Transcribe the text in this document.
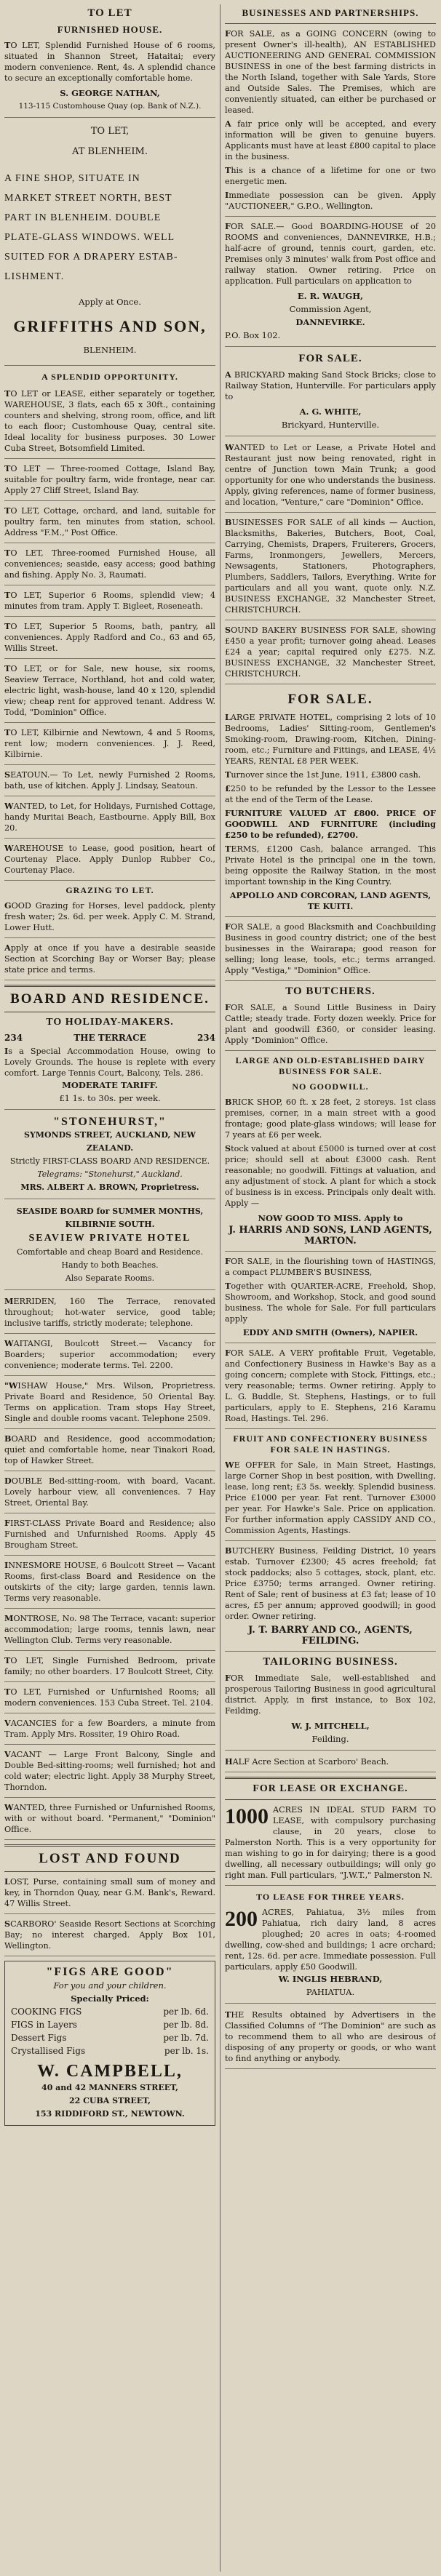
TO LET
FURNISHED HOUSE.

TO LET, Splendid Furnished House of 6 rooms, situated in Shannon Street, Hataitai; every modern convenience. Rent, 4s. A splendid chance to secure an exceptionally comfortable home.

S. GEORGE NATHAN,

113-115 Customhouse Quay (op. Bank of N.Z.).

TO LET,

AT BLENHEIM.

A FINE SHOP, SITUATE IN
MARKET STREET NORTH, BEST
PART IN BLENHEIM. DOUBLE
PLATE-GLASS WINDOWS. WELL
SUITED FOR A DRAPERY ESTAB-
LISHMENT.

Apply at Once.

GRIFFITHS AND SON,

BLENHEIM.

A SPLENDID OPPORTUNITY.

TO LET or LEASE, either separately or together, WAREHOUSE, 3 flats, each 65 x 30ft., containing counters and shelving, strong room, office, and lift to each floor; Customhouse Quay, central site. Ideal locality for business purposes. 30 Lower Cuba Street, Botsomfield Limited.

TO LET — Three-roomed Cottage, Island Bay, suitable for poultry farm, wide frontage, near car. Apply 27 Cliff Street, Island Bay.

TO LET, Cottage, orchard, and land, suitable for poultry farm, ten minutes from station, school. Address "F.M.," Post Office.

TO LET, Three-roomed Furnished House, all conveniences; seaside, easy access; good bathing and fishing. Apply No. 3, Raumati.

TO LET, Superior 6 Rooms, splendid view; 4 minutes from tram. Apply T. Bigleet, Roseneath.

TO LET, Superior 5 Rooms, bath, pantry, all conveniences. Apply Radford and Co., 63 and 65, Willis Street.

TO LET, or for Sale, new house, six rooms, Seaview Terrace, Northland, hot and cold water, electric light, wash-house, land 40 x 120, splendid view; cheap rent for approved tenant. Address W. Todd, "Dominion" Office.

TO LET, Kilbirnie and Newtown, 4 and 5 Rooms, rent low; modern conveniences. J. J. Reed, Kilbirnie.

SEATOUN.— To Let, newly Furnished 2 Rooms, bath, use of kitchen. Apply J. Lindsay, Seatoun.

WANTED, to Let, for Holidays, Furnished Cottage, handy Muritai Beach, Eastbourne. Apply Bill, Box 20.

WAREHOUSE to Lease, good position, heart of Courtenay Place. Apply Dunlop Rubber Co., Courtenay Place.

GRAZING TO LET.

GOOD Grazing for Horses, level paddock, plenty fresh water; 2s. 6d. per week. Apply C. M. Strand, Lower Hutt.

Apply at once if you have a desirable seaside Section at Scorching Bay or Worser Bay; please state price and terms.

BOARD AND RESIDENCE.
TO HOLIDAY-MAKERS.
234	THE TERRACE	234

Is a Special Accommodation House, owing to Lovely Grounds. The house is replete with every comfort. Large Tennis Court, Balcony, Tels. 286.

MODERATE TARIFF.

£1 1s. to 30s. per week.

"STONEHURST,"

SYMONDS STREET, AUCKLAND, NEW ZEALAND.

Strictly FIRST-CLASS BOARD AND RESIDENCE.

Telegrams: "Stonehurst," Auckland.

MRS. ALBERT A. BROWN, Proprietress.

SEASIDE BOARD for SUMMER MONTHS, KILBIRNIE SOUTH.

SEAVIEW PRIVATE HOTEL

Comfortable and cheap Board and Residence.

Handy to both Beaches.

Also Separate Rooms.

MERRIDEN, 160 The Terrace, renovated throughout; hot-water service, good table; inclusive tariffs, strictly moderate; telephone.

WAITANGI, Boulcott Street.— Vacancy for Boarders; superior accommodation; every convenience; moderate terms. Tel. 2200.

"WISHAW House," Mrs. Wilson, Proprietress. Private Board and Residence, 50 Oriental Bay. Terms on application. Tram stops Hay Street, Single and double rooms vacant. Telephone 2509.

BOARD and Residence, good accommodation; quiet and comfortable home, near Tinakori Road, top of Hawker Street.

DOUBLE Bed-sitting-room, with board, Vacant. Lovely harbour view, all conveniences. 7 Hay Street, Oriental Bay.

FIRST-CLASS Private Board and Residence; also Furnished and Unfurnished Rooms. Apply 45 Brougham Street.

INNESMORE HOUSE, 6 Boulcott Street — Vacant Rooms, first-class Board and Residence on the outskirts of the city; large garden, tennis lawn. Terms very reasonable.

MONTROSE, No. 98 The Terrace, vacant: superior accommodation; large rooms, tennis lawn, near Wellington Club. Terms very reasonable.

TO LET, Single Furnished Bedroom, private family; no other boarders. 17 Boulcott Street, City.

TO LET, Furnished or Unfurnished Rooms; all modern conveniences. 153 Cuba Street. Tel. 2104.

VACANCIES for a few Boarders, a minute from Tram. Apply Mrs. Rossiter, 19 Ohiro Road.

VACANT — Large Front Balcony, Single and Double Bed-sitting-rooms; well furnished; hot and cold water; electric light. Apply 38 Murphy Street, Thorndon.

WANTED, three Furnished or Unfurnished Rooms, with or without board. "Permanent," "Dominion" Office.

LOST AND FOUND

LOST, Purse, containing small sum of money and key, in Thorndon Quay, near G.M. Bank's, Reward. 47 Willis Street.

SCARBORO' Seaside Resort Sections at Scorching Bay; no interest charged. Apply Box 101, Wellington.

"FIGS ARE GOOD"

For you and your children.

Specially Priced:

COOKING FIGS	per lb. 6d.
FIGS in Layers	per lb. 8d.
Dessert Figs	per lb. 7d.
Crystallised Figs	per lb. 1s.
W. CAMPBELL,

40 and 42 MANNERS STREET,

22 CUBA STREET,

153 RIDDIFORD ST., NEWTOWN.

BUSINESSES AND PARTNERSHIPS.

FOR SALE, as a GOING CONCERN (owing to present Owner's ill-health), AN ESTABLISHED AUCTIONEERING AND GENERAL COMMISSION BUSINESS in one of the best farming districts in the North Island, together with Sale Yards, Store and Outside Sales. The Premises, which are conveniently situated, can either be purchased or leased.

A fair price only will be accepted, and every information will be given to genuine buyers. Applicants must have at least £800 capital to place in the business.

This is a chance of a lifetime for one or two energetic men.

Immediate possession can be given. Apply "AUCTIONEER," G.P.O., Wellington.

FOR SALE.— Good BOARDING-HOUSE of 20 ROOMS and conveniences, DANNEVIRKE, H.B.; half-acre of ground, tennis court, garden, etc. Premises only 3 minutes' walk from Post office and railway station. Owner retiring. Price on application. Full particulars on application to

E. R. WAUGH,

Commission Agent,

DANNEVIRKE.

P.O. Box 102.

FOR SALE.

A BRICKYARD making Sand Stock Bricks; close to Railway Station, Hunterville. For particulars apply to

A. G. WHITE,

Brickyard, Hunterville.

WANTED to Let or Lease, a Private Hotel and Restaurant just now being renovated, right in centre of Junction town Main Trunk; a good opportunity for one who understands the business. Apply, giving references, name of former business, and location, "Venture," care "Dominion" Office.

BUSINESSES FOR SALE of all kinds — Auction, Blacksmiths, Bakeries, Butchers, Boot, Coal, Carrying, Chemists, Drapers, Fruiterers, Grocers, Farms, Ironmongers, Jewellers, Mercers, Newsagents, Stationers, Photographers, Plumbers, Saddlers, Tailors, Everything. Write for particulars and all you want, quote only. N.Z. BUSINESS EXCHANGE, 32 Manchester Street, CHRISTCHURCH.

SOUND BAKERY BUSINESS FOR SALE, showing £450 a year profit; turnover going ahead. Leases £24 a year; capital required only £275. N.Z. BUSINESS EXCHANGE, 32 Manchester Street, CHRISTCHURCH.

FOR SALE.

LARGE PRIVATE HOTEL, comprising 2 lots of 10 Bedrooms, Ladies' Sitting-room, Gentlemen's Smoking-room, Drawing-room, Kitchen, Dining-room, etc.; Furniture and Fittings, and LEASE, 4½ YEARS, RENTAL £8 PER WEEK.

Turnover since the 1st June, 1911, £3800 cash.

£250 to be refunded by the Lessor to the Lessee at the end of the Term of the Lease.

FURNITURE VALUED AT £800. PRICE OF GOODWILL AND FURNITURE (including £250 to be refunded), £2700.

TERMS, £1200 Cash, balance arranged. This Private Hotel is the principal one in the town, being opposite the Railway Station, in the most important township in the King Country.

APPOLLO AND CORCORAN, LAND AGENTS, TE KUITI.

FOR SALE, a good Blacksmith and Coachbuilding Business in good country district; one of the best businesses in the Wairarapa; good reason for selling; long lease, tools, etc.; terms arranged. Apply "Vestiga," "Dominion" Office.

TO BUTCHERS.

FOR SALE, a Sound Little Business in Dairy Cattle; steady trade. Forty dozen weekly. Price for plant and goodwill £360, or consider leasing. Apply "Dominion" Office.

LARGE AND OLD-ESTABLISHED DAIRY BUSINESS FOR SALE.
NO GOODWILL.

BRICK SHOP, 60 ft. x 28 feet, 2 storeys. 1st class premises, corner, in a main street with a good frontage; good plate-glass windows; will lease for 7 years at £6 per week.

Stock valued at about £5000 is turned over at cost price; should sell at about £3000 cash. Rent reasonable; no goodwill. Fittings at valuation, and any adjustment of stock. A plant for which a stock of business is in excess. Principals only dealt with. Apply —

NOW GOOD TO MISS. Apply to

J. HARRIS AND SONS, LAND AGENTS, MARTON.

FOR SALE, in the flourishing town of HASTINGS, a compact PLUMBER'S BUSINESS,

Together with QUARTER-ACRE, Freehold, Shop, Showroom, and Workshop, Stock, and good sound business. The whole for Sale. For full particulars apply

EDDY AND SMITH (Owners), NAPIER.

FOR SALE. A VERY profitable Fruit, Vegetable, and Confectionery Business in Hawke's Bay as a going concern; complete with Stock, Fittings, etc.; very reasonable; terms. Owner retiring. Apply to L. G. Buddle, St. Stephens, Hastings, or to full particulars, apply to E. Stephens, 216 Karamu Road, Hastings. Tel. 296.

FRUIT AND CONFECTIONERY BUSINESS FOR SALE IN HASTINGS.

WE OFFER for Sale, in Main Street, Hastings, large Corner Shop in best position, with Dwelling, lease, long rent; £3 5s. weekly. Splendid business. Price £1000 per year. Fat rent. Turnover £3000 per year. For Hawke's Sale. Price on application. For further information apply CASSIDY AND CO., Commission Agents, Hastings.

BUTCHERY Business, Feilding District, 10 years estab. Turnover £2300; 45 acres freehold; fat stock paddocks; also 5 cottages, stock, plant, etc. Price £3750; terms arranged. Owner retiring. Rent of Sale; rent of business at £3 fat; lease of 10 acres, £5 per annum; approved goodwill; in good order. Owner retiring.

J. T. BARRY AND CO., AGENTS, FEILDING.

TAILORING BUSINESS.

FOR Immediate Sale, well-established and prosperous Tailoring Business in good agricultural district. Apply, in first instance, to Box 102, Feilding.

W. J. MITCHELL,

Feilding.

HALF Acre Section at Scarboro' Beach.

FOR LEASE OR EXCHANGE.
1000 ACRES IN IDEAL STUD FARM TO LEASE, with compulsory purchasing clause, in 20 years, close to Palmerston North. This is a very opportunity for man wishing to go in for dairying; there is a good dwelling, all necessary outbuildings; will only go right man. Full particulars, "J.W.T.," Palmerston N.
TO LEASE FOR THREE YEARS.
200 ACRES, Pahiatua, 3½ miles from Pahiatua, rich dairy land, 8 acres ploughed; 20 acres in oats; 4-roomed dwelling, cow-shed and buildings; 1 acre orchard; rent, 12s. 6d. per acre. Immediate possession. Full particulars, apply £50 Goodwill.

W. INGLIS HEBRAND,

PAHIATUA.

THE Results obtained by Advertisers in the Classified Columns of "The Dominion" are such as to recommend them to all who are desirous of disposing of any property or goods, or who want to find anything or anybody.
